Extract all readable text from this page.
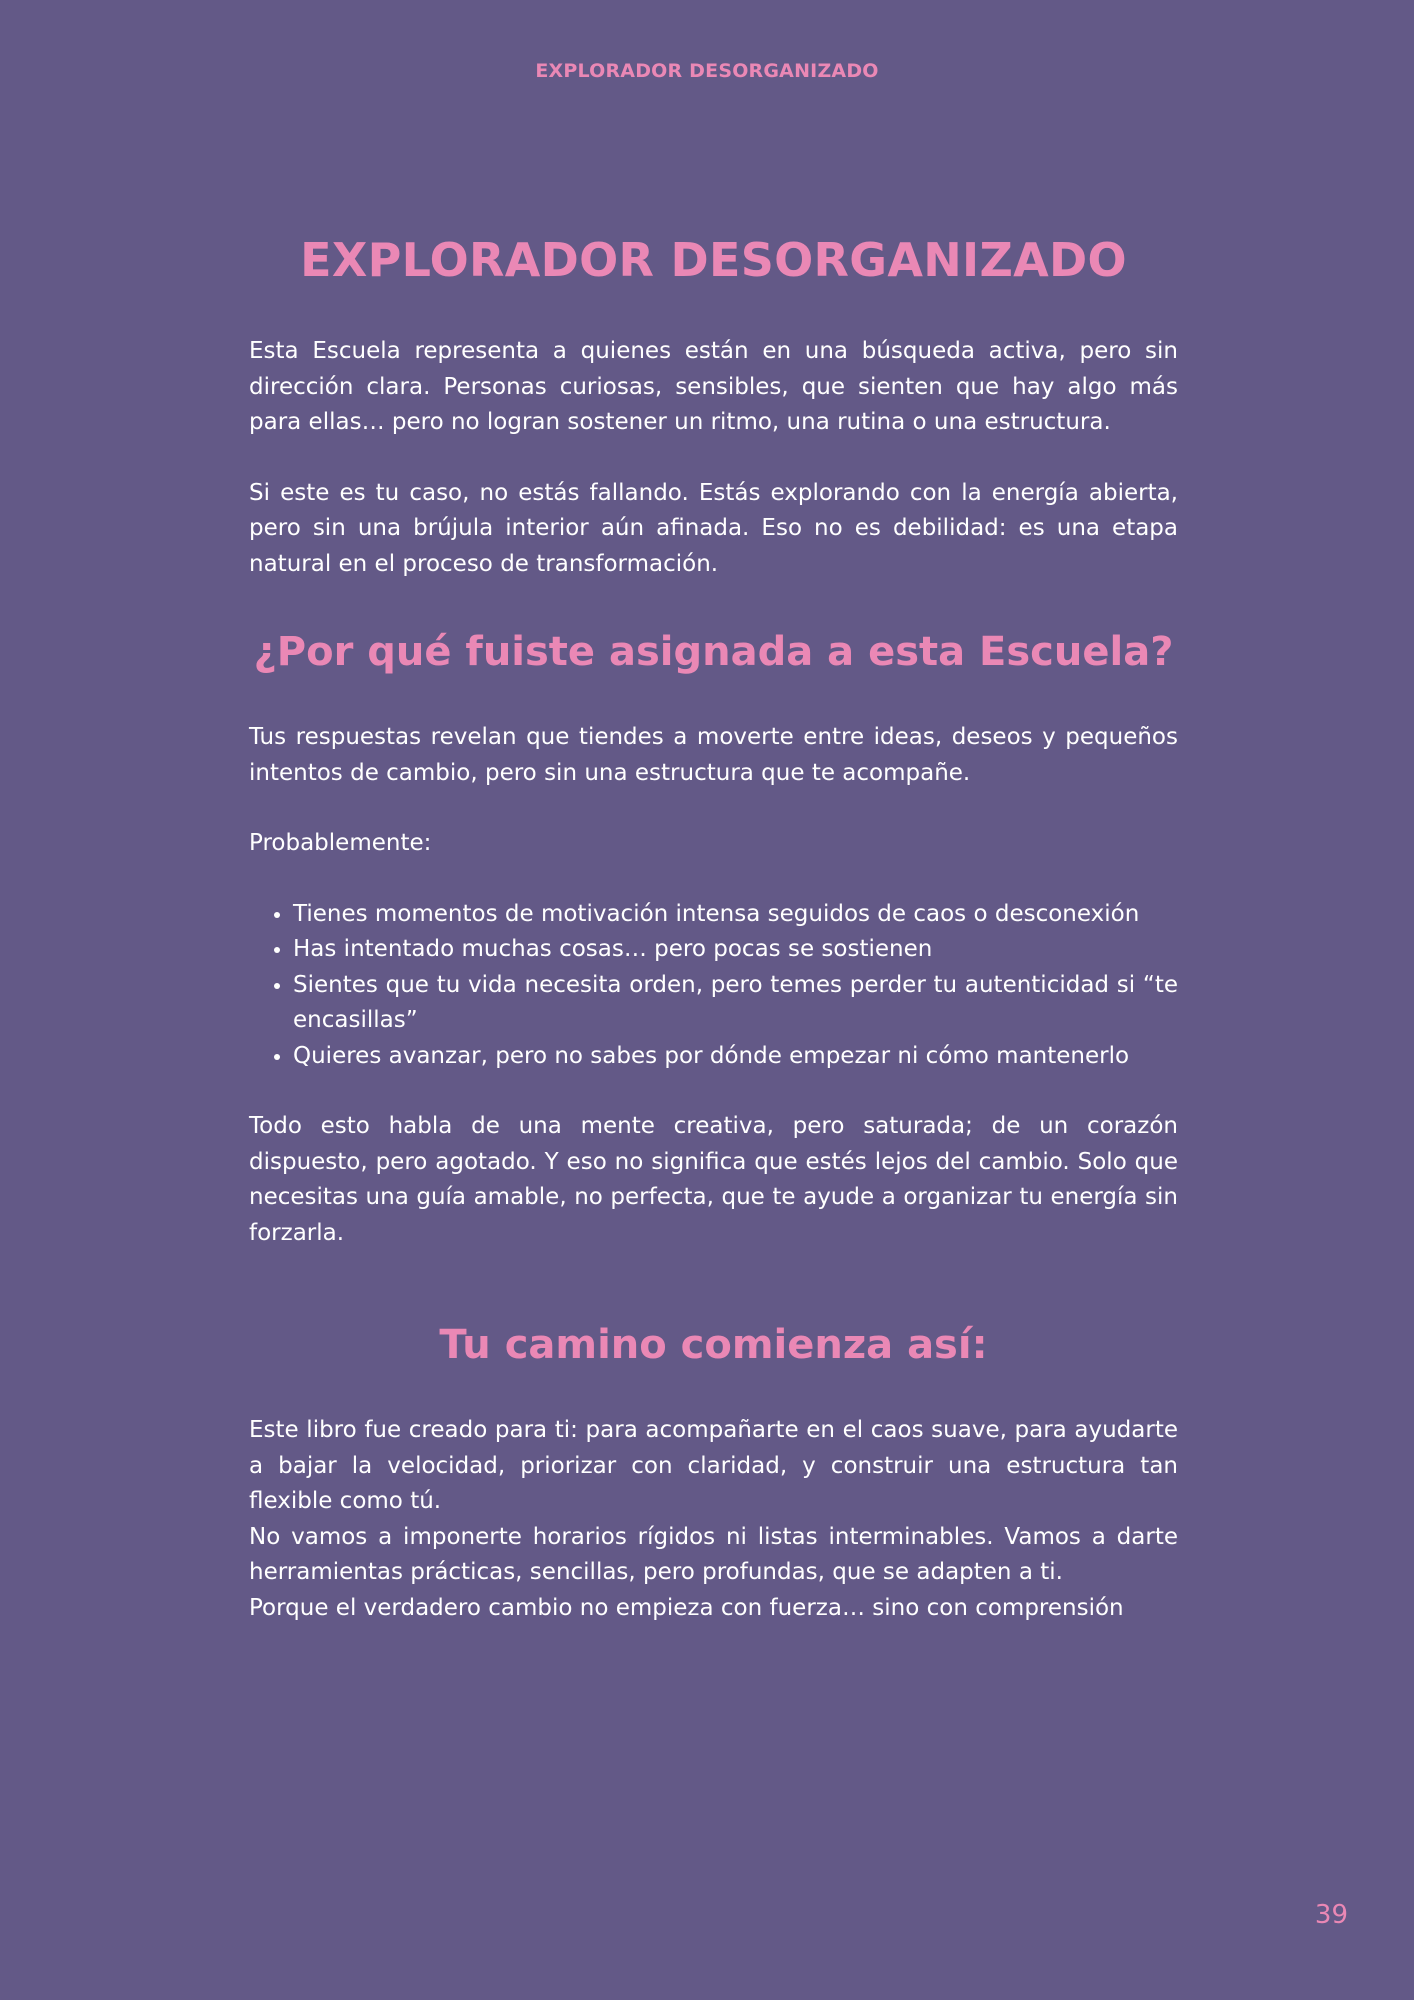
EXPLORADOR DESORGANIZADO
EXPLORADOR DESORGANIZADO

Esta Escuela representa a quienes están en una búsqueda activa, pero sin dirección clara. Personas curiosas, sensibles, que sienten que hay algo más para ellas… pero no logran sostener un ritmo, una rutina o una estructura.

Si este es tu caso, no estás fallando. Estás explorando con la energía abierta, pero sin una brújula interior aún afinada. Eso no es debilidad: es una etapa natural en el proceso de transformación.

¿Por qué fuiste asignada a esta Escuela?

Tus respuestas revelan que tiendes a moverte entre ideas, deseos y pequeños intentos de cambio, pero sin una estructura que te acompañe.

Probablemente:

• Tienes momentos de motivación intensa seguidos de caos o desconexión
• Has intentado muchas cosas… pero pocas se sostienen
• Sientes que tu vida necesita orden, pero temes perder tu autenticidad si “te encasillas”
• Quieres avanzar, pero no sabes por dónde empezar ni cómo mantenerlo

Todo esto habla de una mente creativa, pero saturada; de un corazón dispuesto, pero agotado. Y eso no significa que estés lejos del cambio. Solo que necesitas una guía amable, no perfecta, que te ayude a organizar tu energía sin forzarla.

Tu camino comienza así:

Este libro fue creado para ti: para acompañarte en el caos suave, para ayudarte a bajar la velocidad, priorizar con claridad, y construir una estructura tan flexible como tú.

No vamos a imponerte horarios rígidos ni listas interminables. Vamos a darte herramientas prácticas, sencillas, pero profundas, que se adapten a ti.

Porque el verdadero cambio no empieza con fuerza… sino con comprensión

39
